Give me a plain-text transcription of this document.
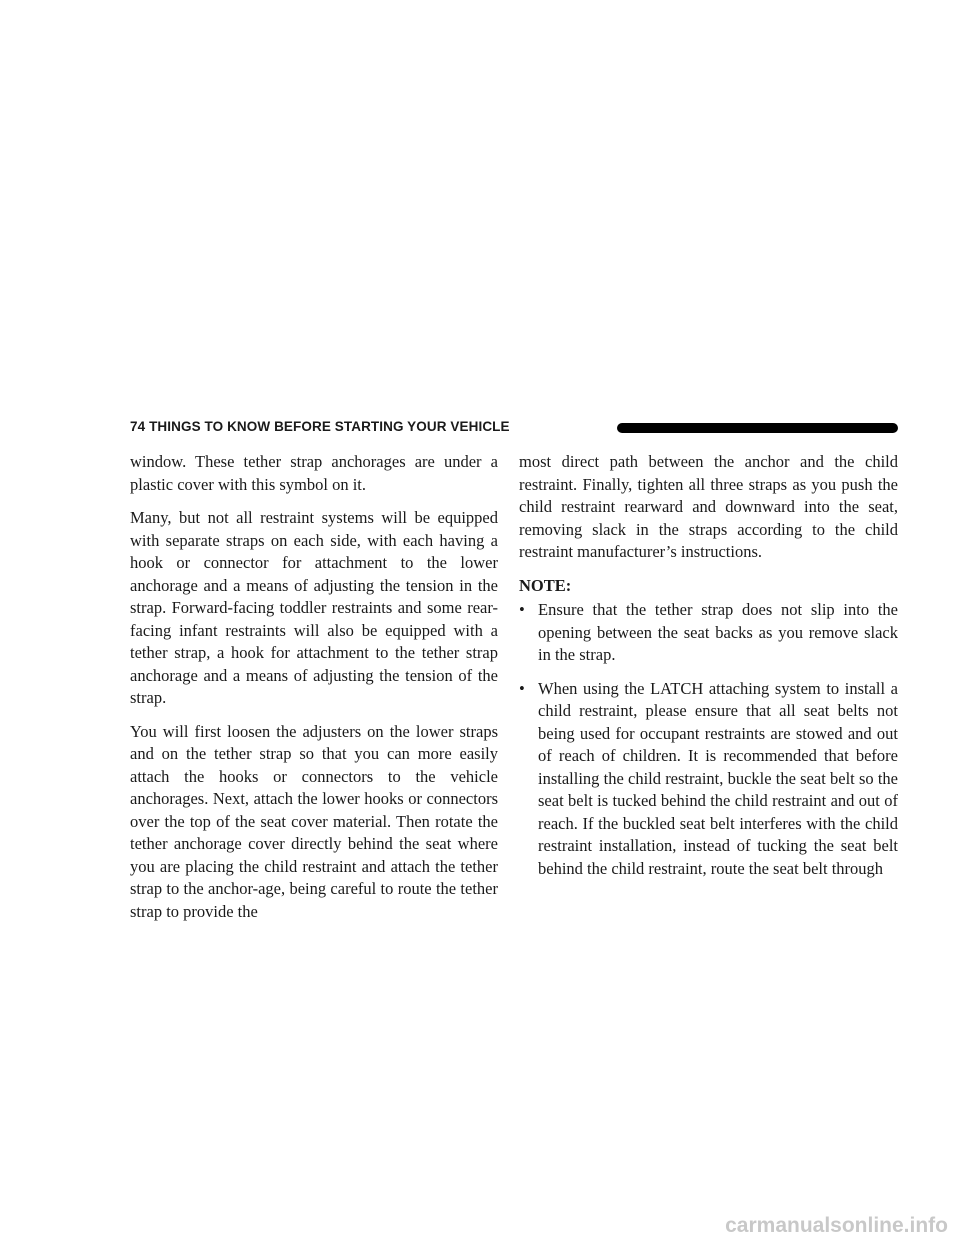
74 THINGS TO KNOW BEFORE STARTING YOUR VEHICLE

window. These tether strap anchorages are under a plastic cover with this symbol on it.

Many, but not all restraint systems will be equipped with separate straps on each side, with each having a hook or connector for attachment to the lower anchorage and a means of adjusting the tension in the strap. Forward-facing toddler restraints and some rear-facing infant restraints will also be equipped with a tether strap, a hook for attachment to the tether strap anchorage and a means of adjusting the tension of the strap.

You will first loosen the adjusters on the lower straps and on the tether strap so that you can more easily attach the hooks or connectors to the vehicle anchorages. Next, attach the lower hooks or connectors over the top of the seat cover material. Then rotate the tether anchorage cover directly behind the seat where you are placing the child restraint and attach the tether strap to the anchor-age, being careful to route the tether strap to provide the

most direct path between the anchor and the child restraint. Finally, tighten all three straps as you push the child restraint rearward and downward into the seat, removing slack in the straps according to the child restraint manufacturer’s instructions.

NOTE:
• Ensure that the tether strap does not slip into the opening between the seat backs as you remove slack in the strap.
• When using the LATCH attaching system to install a child restraint, please ensure that all seat belts not being used for occupant restraints are stowed and out of reach of children. It is recommended that before installing the child restraint, buckle the seat belt so the seat belt is tucked behind the child restraint and out of reach. If the buckled seat belt interferes with the child restraint installation, instead of tucking the seat belt behind the child restraint, route the seat belt through
carmanualsonline.info
